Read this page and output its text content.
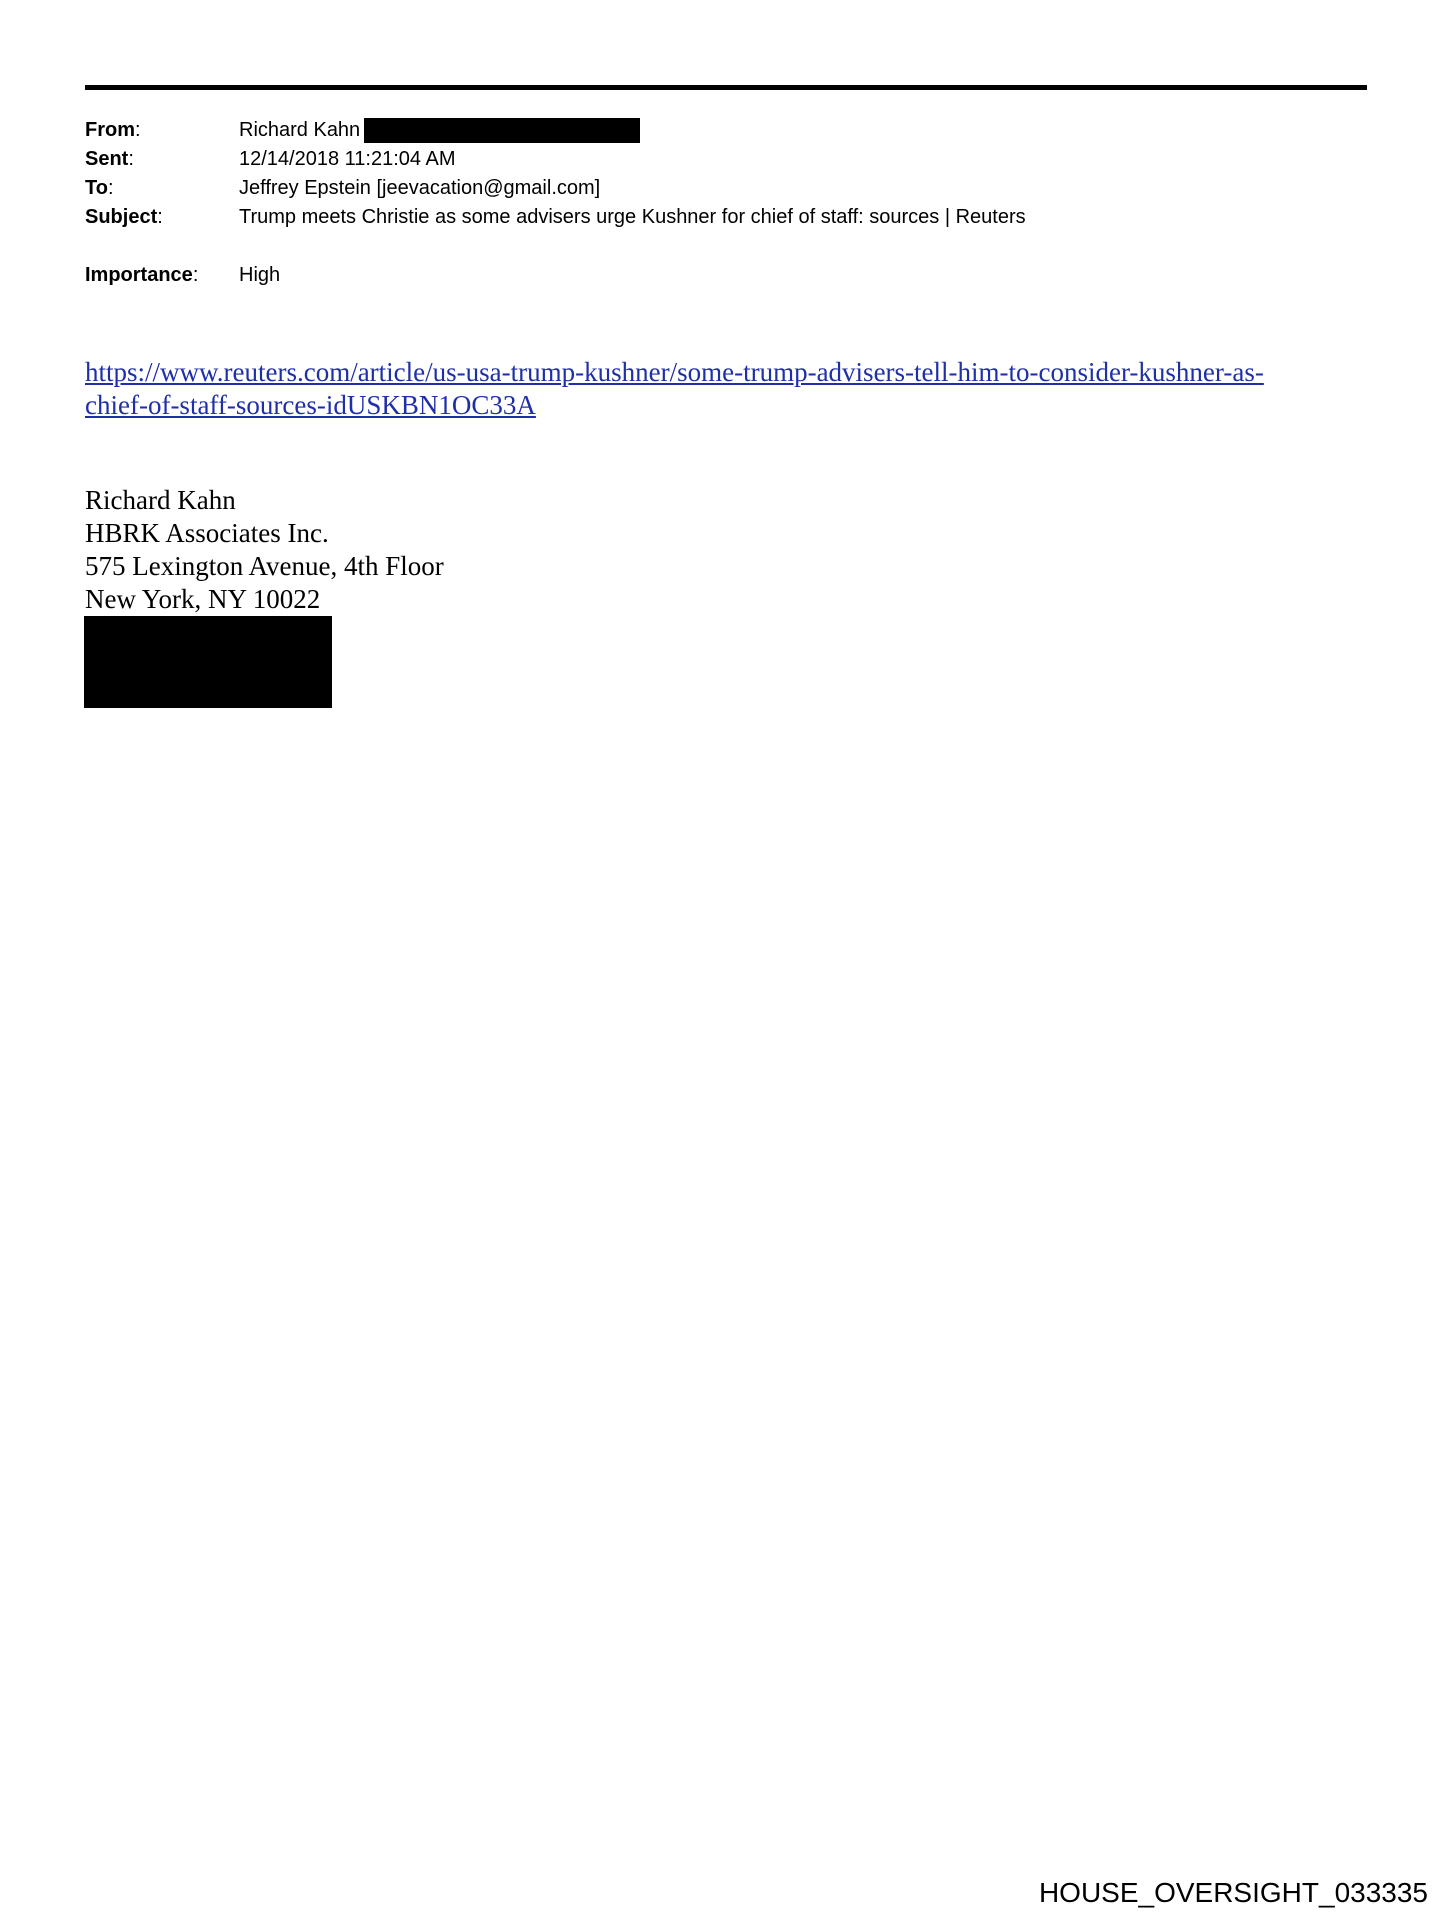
From:	Richard Kahn
Sent:	12/14/2018 11:21:04 AM
To:	Jeffrey Epstein [jeevacation@gmail.com]
Subject:	Trump meets Christie as some advisers urge Kushner for chief of staff: sources | Reuters
Importance:	High
https://www.reuters.com/article/us-usa-trump-kushner/some-trump-advisers-tell-him-to-consider-kushner-as-
chief-of-staff-sources-idUSKBN1OC33A
Richard Kahn
HBRK Associates Inc.
575 Lexington Avenue, 4th Floor
New York, NY 10022
HOUSE_OVERSIGHT_033335
